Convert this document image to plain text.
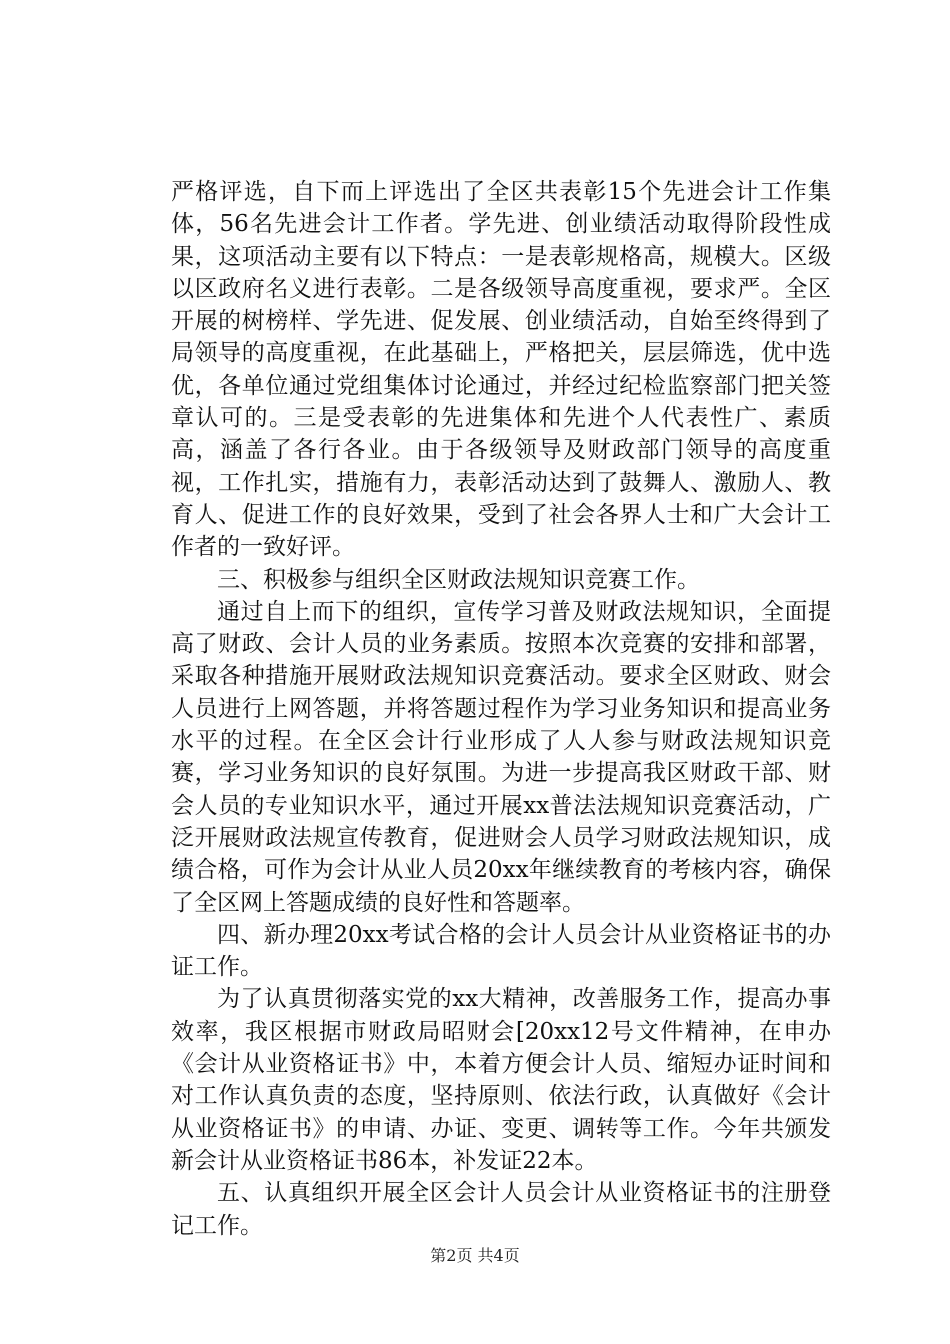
严格评选，自下而上评选出了全区共表彰15个先进会计工作集体，56名先进会计工作者。学先进、创业绩活动取得阶段性成果，这项活动主要有以下特点：一是表彰规格高，规模大。区级以区政府名义进行表彰。二是各级领导高度重视，要求严。全区开展的树榜样、学先进、促发展、创业绩活动，自始至终得到了局领导的高度重视，在此基础上，严格把关，层层筛选，优中选优，各单位通过党组集体讨论通过，并经过纪检监察部门把关签章认可的。三是受表彰的先进集体和先进个人代表性广、素质高，涵盖了各行各业。由于各级领导及财政部门领导的高度重视，工作扎实，措施有力，表彰活动达到了鼓舞人、激励人、教育人、促进工作的良好效果，受到了社会各界人士和广大会计工作者的一致好评。

三、积极参与组织全区财政法规知识竞赛工作。

通过自上而下的组织，宣传学习普及财政法规知识，全面提高了财政、会计人员的业务素质。按照本次竞赛的安排和部署，采取各种措施开展财政法规知识竞赛活动。要求全区财政、财会人员进行上网答题，并将答题过程作为学习业务知识和提高业务水平的过程。在全区会计行业形成了人人参与财政法规知识竞赛，学习业务知识的良好氛围。为进一步提高我区财政干部、财会人员的专业知识水平，通过开展xx普法法规知识竞赛活动，广泛开展财政法规宣传教育，促进财会人员学习财政法规知识，成绩合格，可作为会计从业人员20xx年继续教育的考核内容，确保了全区网上答题成绩的良好性和答题率。

四、新办理20xx考试合格的会计人员会计从业资格证书的办证工作。

为了认真贯彻落实党的xx大精神，改善服务工作，提高办事效率，我区根据市财政局昭财会[20xx12号文件精神，在申办《会计从业资格证书》中，本着方便会计人员、缩短办证时间和对工作认真负责的态度，坚持原则、依法行政，认真做好《会计从业资格证书》的申请、办证、变更、调转等工作。今年共颁发新会计从业资格证书86本，补发证22本。

五、认真组织开展全区会计人员会计从业资格证书的注册登记工作。

第2页 共4页
